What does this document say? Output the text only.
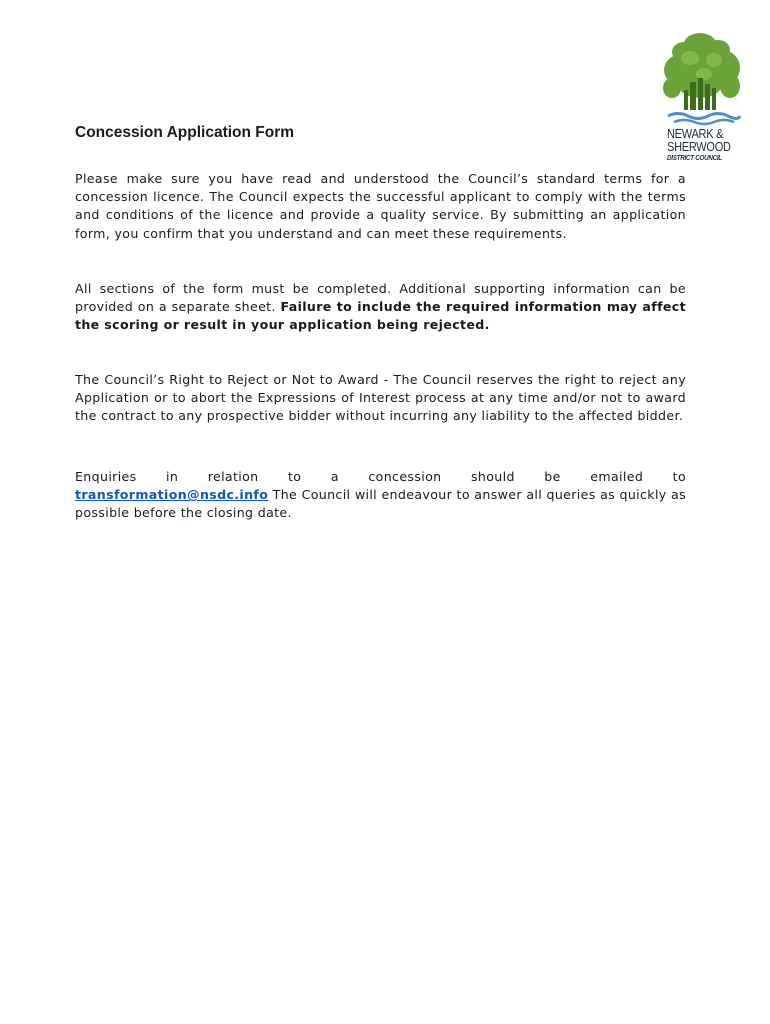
NEWARK &
SHERWOOD
DISTRICT COUNCIL
Concession Application Form

Please make sure you have read and understood the Council’s standard terms for a concession licence. The Council expects the successful applicant to comply with the terms and conditions of the licence and provide a quality service. By submitting an application form, you confirm that you understand and can meet these requirements.

All sections of the form must be completed. Additional supporting information can be provided on a separate sheet. Failure to include the required information may affect the scoring or result in your application being rejected.

The Council’s Right to Reject or Not to Award - The Council reserves the right to reject any Application or to abort the Expressions of Interest process at any time and/or not to award the contract to any prospective bidder without incurring any liability to the affected bidder.

Enquiries in relation to a concession should be emailed to
transformation@nsdc.info The Council will endeavour to answer all queries as quickly as possible before the closing date.
